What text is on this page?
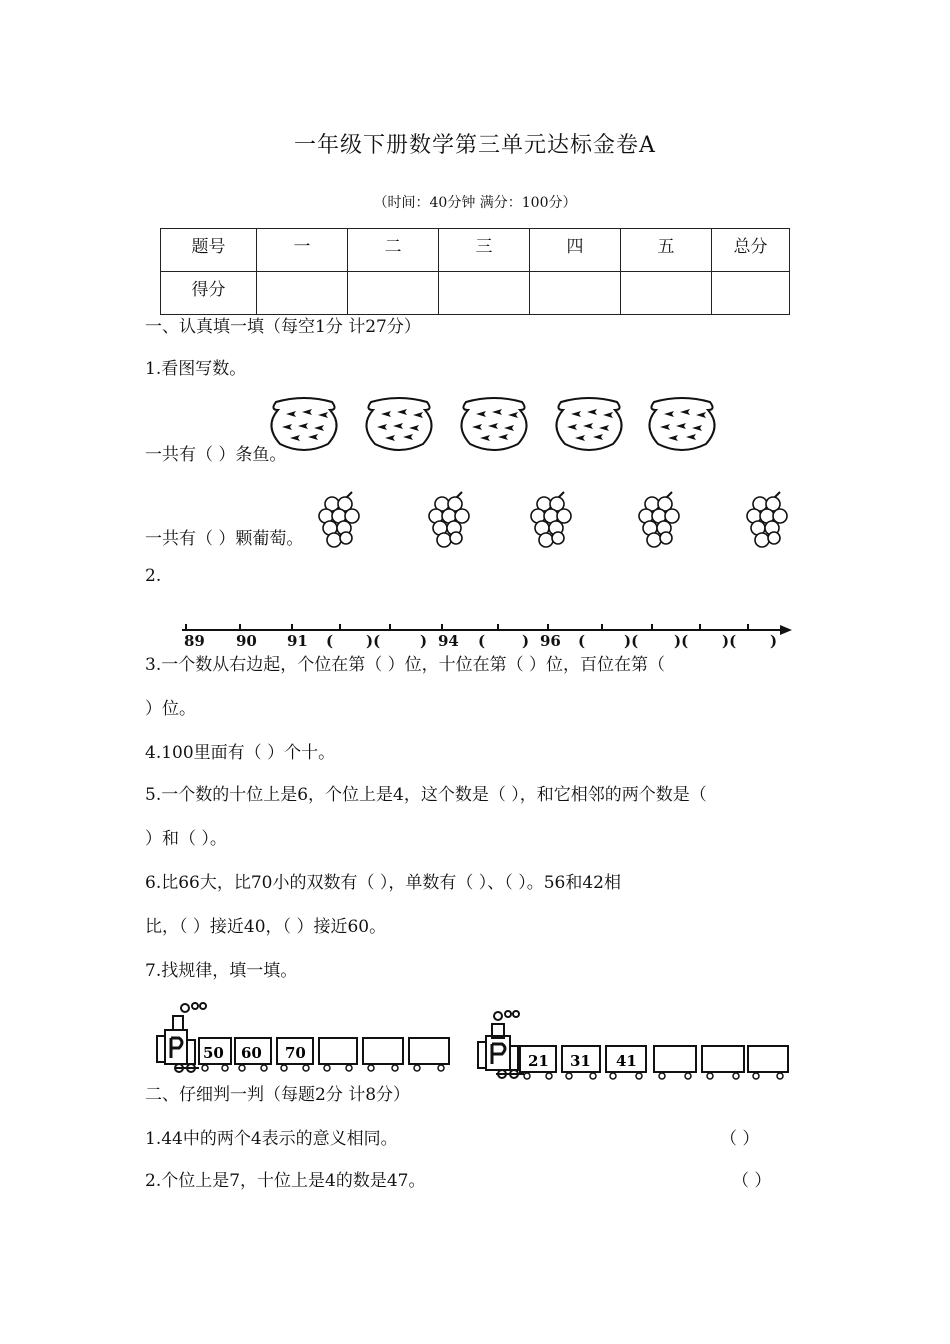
一年级下册数学第三单元达标金卷A
（时间：40分钟 满分：100分）
题号	一	二	三	四	五	总分
得分						
一、认真填一填（每空1分 计27分）
1.看图写数。
一共有（ ）条鱼。
一共有（ ）颗葡萄。
2.
89 90 91 ( )(	) 94 ( ) 96 (	)( )( )( )
3.一个数从右边起，个位在第（ ）位，十位在第（ ）位，百位在第（
）位。
4.100里面有（ ）个十。
5.一个数的十位上是6，个位上是4，这个数是（ ），和它相邻的两个数是（
）和（ ）。
6.比66大，比70小的双数有（ ），单数有（ ）、（ ）。56和42相
比，（ ）接近40，（ ）接近60。
7.找规律，填一填。
50 60 70	21 31 41
二、仔细判一判（每题2分 计8分）
1.44中的两个4表示的意义相同。	（ ）
2.个位上是7，十位上是4的数是47。	（ ）
